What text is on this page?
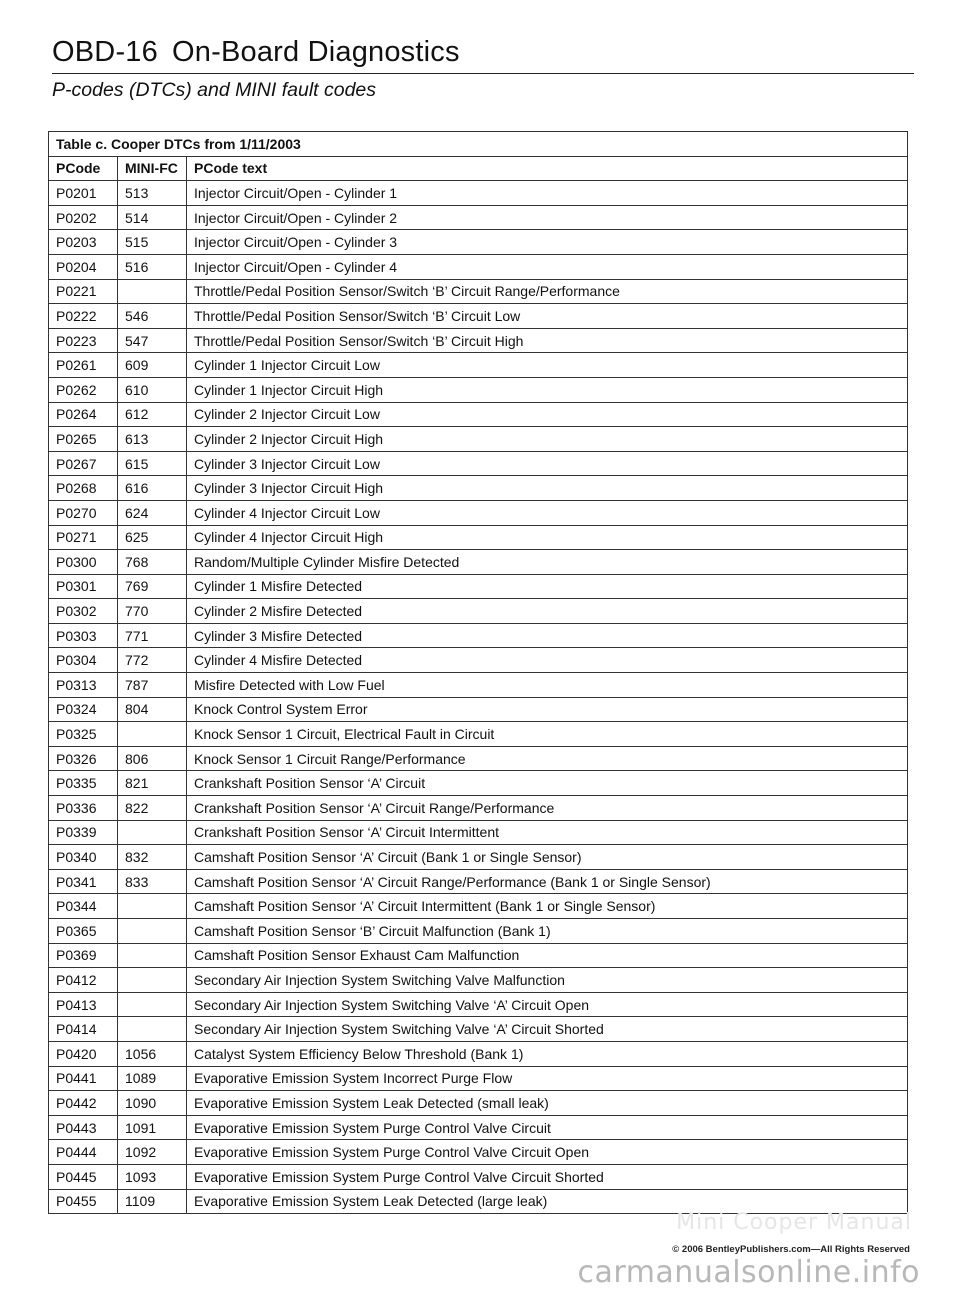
OBD-16 On-Board Diagnostics
P-codes (DTCs) and MINI fault codes
Table c. Cooper DTCs from 1/11/2003		
PCode	MINI-FC	PCode text
P0201	513	Injector Circuit/Open - Cylinder 1
P0202	514	Injector Circuit/Open - Cylinder 2
P0203	515	Injector Circuit/Open - Cylinder 3
P0204	516	Injector Circuit/Open - Cylinder 4
P0221		Throttle/Pedal Position Sensor/Switch ‘B’ Circuit Range/Performance
P0222	546	Throttle/Pedal Position Sensor/Switch ‘B’ Circuit Low
P0223	547	Throttle/Pedal Position Sensor/Switch ‘B’ Circuit High
P0261	609	Cylinder 1 Injector Circuit Low
P0262	610	Cylinder 1 Injector Circuit High
P0264	612	Cylinder 2 Injector Circuit Low
P0265	613	Cylinder 2 Injector Circuit High
P0267	615	Cylinder 3 Injector Circuit Low
P0268	616	Cylinder 3 Injector Circuit High
P0270	624	Cylinder 4 Injector Circuit Low
P0271	625	Cylinder 4 Injector Circuit High
P0300	768	Random/Multiple Cylinder Misfire Detected
P0301	769	Cylinder 1 Misfire Detected
P0302	770	Cylinder 2 Misfire Detected
P0303	771	Cylinder 3 Misfire Detected
P0304	772	Cylinder 4 Misfire Detected
P0313	787	Misfire Detected with Low Fuel
P0324	804	Knock Control System Error
P0325		Knock Sensor 1 Circuit, Electrical Fault in Circuit
P0326	806	Knock Sensor 1 Circuit Range/Performance
P0335	821	Crankshaft Position Sensor ‘A’ Circuit
P0336	822	Crankshaft Position Sensor ‘A’ Circuit Range/Performance
P0339		Crankshaft Position Sensor ‘A’ Circuit Intermittent
P0340	832	Camshaft Position Sensor ‘A’ Circuit (Bank 1 or Single Sensor)
P0341	833	Camshaft Position Sensor ‘A’ Circuit Range/Performance (Bank 1 or Single Sensor)
P0344		Camshaft Position Sensor ‘A’ Circuit Intermittent (Bank 1 or Single Sensor)
P0365		Camshaft Position Sensor ‘B’ Circuit Malfunction (Bank 1)
P0369		Camshaft Position Sensor Exhaust Cam Malfunction
P0412		Secondary Air Injection System Switching Valve Malfunction
P0413		Secondary Air Injection System Switching Valve ‘A’ Circuit Open
P0414		Secondary Air Injection System Switching Valve ‘A’ Circuit Shorted
P0420	1056	Catalyst System Efficiency Below Threshold (Bank 1)
P0441	1089	Evaporative Emission System Incorrect Purge Flow
P0442	1090	Evaporative Emission System Leak Detected (small leak)
P0443	1091	Evaporative Emission System Purge Control Valve Circuit
P0444	1092	Evaporative Emission System Purge Control Valve Circuit Open
P0445	1093	Evaporative Emission System Purge Control Valve Circuit Shorted
P0455	1109	Evaporative Emission System Leak Detected (large leak)
Mini Cooper Manual
© 2006 BentleyPublishers.com—All Rights Reserved
carmanualsonline.info
